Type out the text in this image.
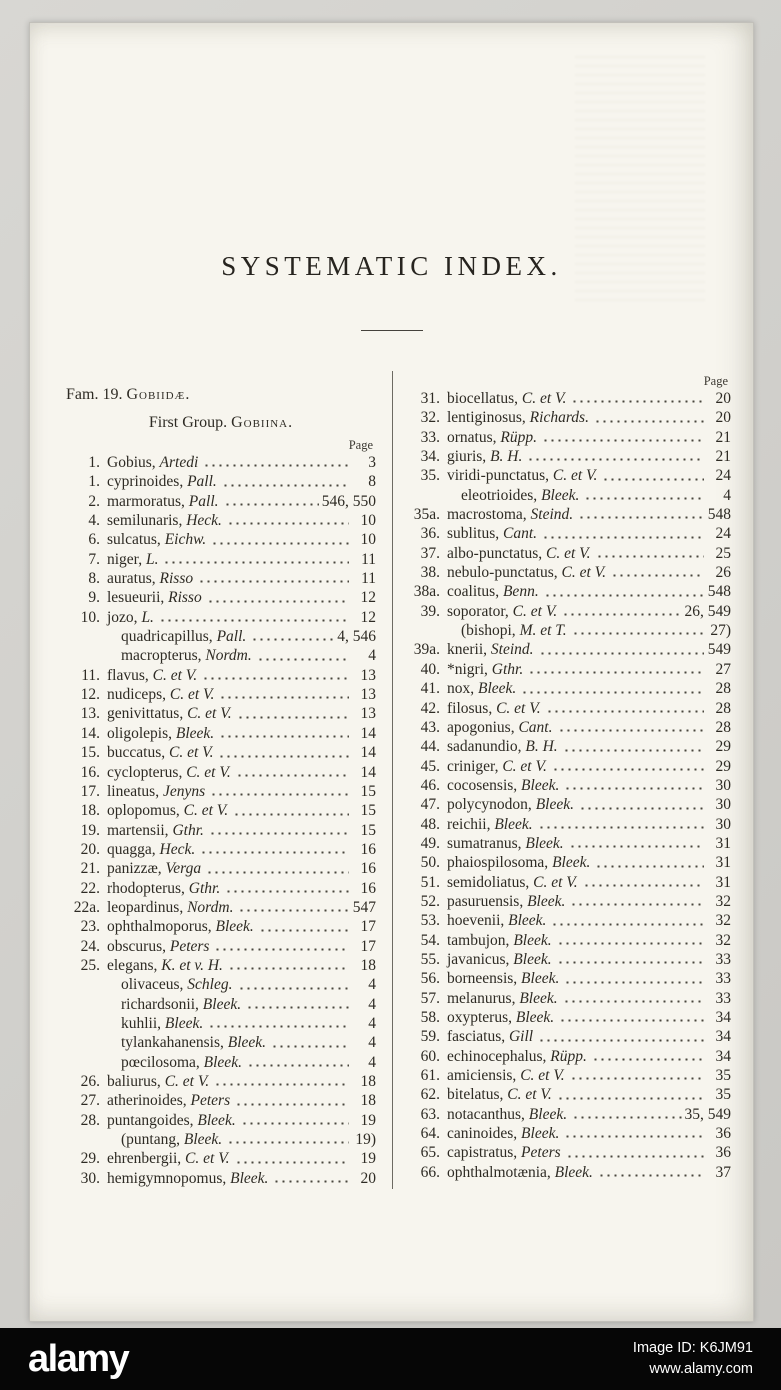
SYSTEMATIC INDEX.
Fam. 19. Gobiidæ.
First Group. Gobiina.
Page
1. Gobius, Artedi	3
1. cyprinoides, Pall.	8
2. marmoratus, Pall.	546, 550
4. semilunaris, Heck.	10
6. sulcatus, Eichw.	10
7. niger, L.	11
8. auratus, Risso	11
9. lesueurii, Risso	12
10. jozo, L.	12
quadricapillus, Pall.	4, 546
macropterus, Nordm.	4
11. flavus, C. et V.	13
12. nudiceps, C. et V.	13
13. genivittatus, C. et V.	13
14. oligolepis, Bleek.	14
15. buccatus, C. et V.	14
16. cyclopterus, C. et V.	14
17. lineatus, Jenyns	15
18. oplopomus, C. et V.	15
19. martensii, Gthr.	15
20. quagga, Heck.	16
21. panizzæ, Verga	16
22. rhodopterus, Gthr.	16
22a. leopardinus, Nordm.	547
23. ophthalmoporus, Bleek.	17
24. obscurus, Peters	17
25. elegans, K. et v. H.	18
olivaceus, Schleg.	4
richardsonii, Bleek.	4
kuhlii, Bleek.	4
tylankahanensis, Bleek.	4
pœcilosoma, Bleek.	4
26. baliurus, C. et V.	18
27. atherinoides, Peters	18
28. puntangoides, Bleek.	19
(puntang, Bleek.	19)
29. ehrenbergii, C. et V.	19
30. hemigymnopomus, Bleek.	20
Page
31. biocellatus, C. et V.	20
32. lentiginosus, Richards.	20
33. ornatus, Rüpp.	21
34. giuris, B. H.	21
35. viridi-punctatus, C. et V.	24
eleotrioides, Bleek.	4
35a. macrostoma, Steind.	548
36. sublitus, Cant.	24
37. albo-punctatus, C. et V.	25
38. nebulo-punctatus, C. et V.	26
38a. coalitus, Benn.	548
39. soporator, C. et V.	26, 549
(bishopi, M. et T.	27)
39a. knerii, Steind.	549
40. *nigri, Gthr.	27
41. nox, Bleek.	28
42. filosus, C. et V.	28
43. apogonius, Cant.	28
44. sadanundio, B. H.	29
45. criniger, C. et V.	29
46. cocosensis, Bleek.	30
47. polycynodon, Bleek.	30
48. reichii, Bleek.	30
49. sumatranus, Bleek.	31
50. phaiospilosoma, Bleek.	31
51. semidoliatus, C. et V.	31
52. pasuruensis, Bleek.	32
53. hoevenii, Bleek.	32
54. tambujon, Bleek.	32
55. javanicus, Bleek.	33
56. borneensis, Bleek.	33
57. melanurus, Bleek.	33
58. oxypterus, Bleek.	34
59. fasciatus, Gill	34
60. echinocephalus, Rüpp.	34
61. amiciensis, C. et V.	35
62. bitelatus, C. et V.	35
63. notacanthus, Bleek.	35, 549
64. caninoides, Bleek.	36
65. capistratus, Peters	36
66. ophthalmotænia, Bleek.	37
alamy	Image ID: K6JM91
www.alamy.com
